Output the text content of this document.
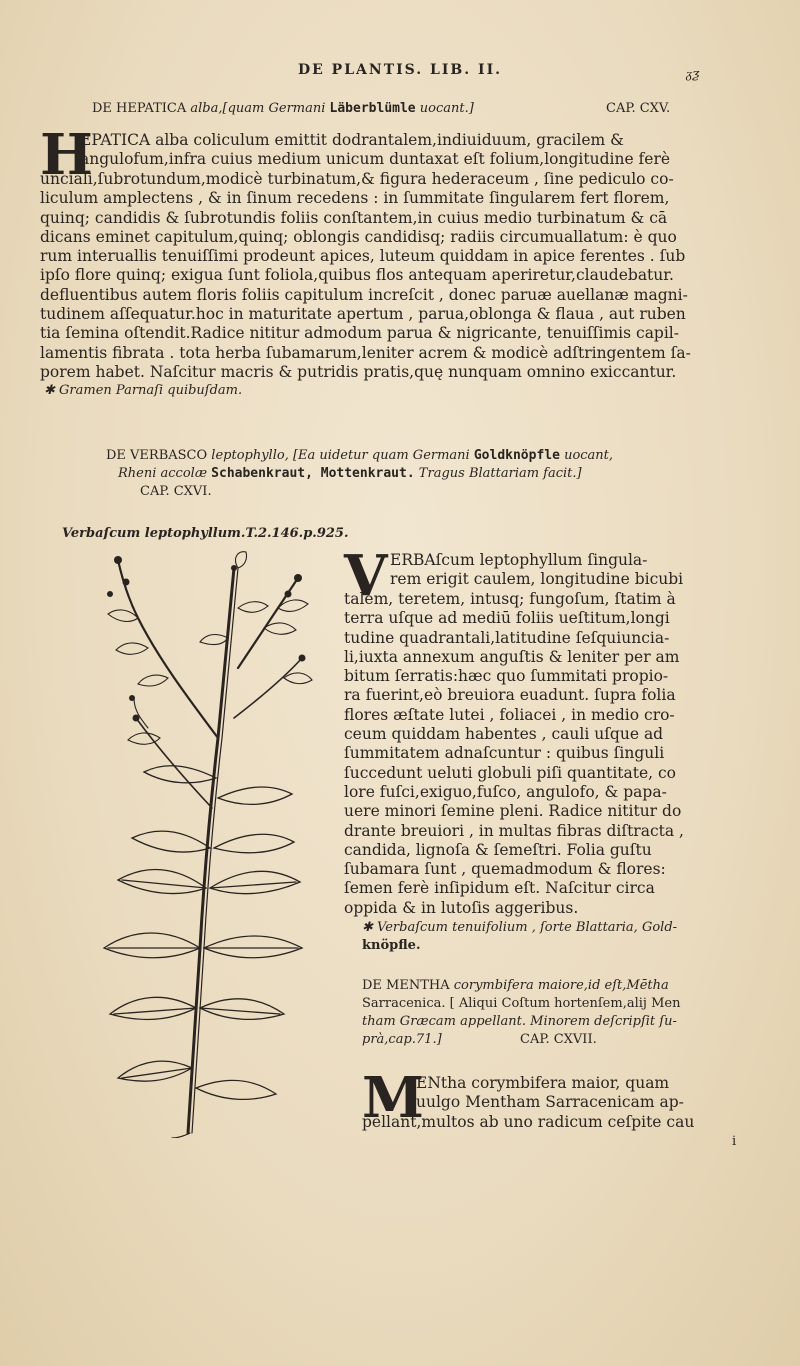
DE PLANTIS. LIB. II.	ᵹƺ
DE HEPATICA alba,[quam Germani Läberblümle uocant.]	CAP. CXV.
H
EPATICA alba coliculum emittit dodrantalem,indiuiduum, gracilem &
angulofum,infra cuius medium unicum duntaxat eſt folium,longitudine ferè
unciali,ſubrotundum,modicè turbinatum,& figura hederaceum , ſine pediculo co-
liculum amplectens , & in ſinum recedens : in ſummitate ſingularem fert florem,
quinq; candidis & ſubrotundis foliis conſtantem,in cuius medio turbinatum & cā
dicans eminet capitulum,quinq; oblongis candidisq; radiis circumuallatum: è quo
rum interuallis tenuiſſimi prodeunt apices, luteum quiddam in apice ferentes . ſub
ipſo flore quinq; exigua ſunt foliola,quibus flos antequam aperiretur,claudebatur.
defluentibus autem floris foliis capitulum increſcit , donec paruæ auellanæ magni-
tudinem aſſequatur.hoc in maturitate apertum , parua,oblonga & flaua , aut ruben
tia ſemina oſtendit.Radice nititur admodum parua & nigricante, tenuiſſimis capil-
lamentis fibrata . tota herba ſubamarum,leniter acrem & modicè adſtringentem ſa-
porem habet. Naſcitur macris & putridis pratis,quę nunquam omnino exiccantur.
✱ Gramen Parnaſi quibuſdam.
DE VERBASCO leptophyllo, [Ea uidetur quam Germani Goldknöpfle uocant,
Rheni accolæ Schabenkraut, Mottenkraut. Tragus Blattariam facit.]
CAP. CXVI.
Verbaſcum leptophyllum.T.2.146.p.925.
V ERBAſcum leptophyllum ſingula-
rem erigit caulem, longitudine bicubi
talem, teretem, intusq; fungoſum, ſtatim à
terra uſque ad mediū foliis ueſtitum,longi
tudine quadrantali,latitudine ſeſquiuncia-
li,iuxta annexum anguſtis & leniter per am
bitum ſerratis:hæc quo ſummitati propio-
ra fuerint,eò breuiora euadunt. ſupra folia
flores æſtate lutei , foliacei , in medio cro-
ceum quiddam habentes , cauli uſque ad
ſummitatem adnaſcuntur : quibus ſinguli
ſuccedunt ueluti globuli piſi quantitate, co
lore fuſci,exiguo,fuſco, angulofo, & papa-
uere minori ſemine pleni. Radice nititur do
drante breuiori , in multas fibras diſtracta ,
candida, lignoſa & ſemeſtri. Folia guſtu
ſubamara ſunt , quemadmodum & flores:
ſemen ferè inſipidum eſt. Naſcitur circa
oppida & in lutoſis aggeribus.
✱ Verbaſcum tenuifolium , ſorte Blattaria, Gold-
knöpfle.
DE MENTHA corymbifera maiore,id eſt,Mētha
Sarracenica. [ Aliqui Coſtum hortenſem,alij Men
tham Græcam appellant. Minorem deſcripſit ſu-
prà,cap.71.]	CAP. CXVII.
M
ENtha corymbifera maior, quam
uulgo Mentham Sarracenicam ap-
pellant,multos ab uno radicum ceſpite cau
i
